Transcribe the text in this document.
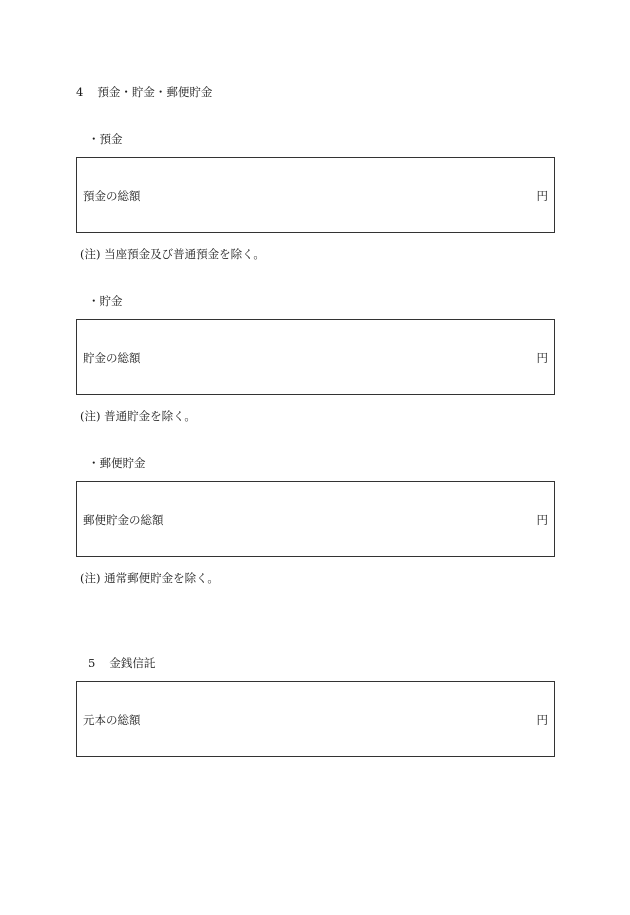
4 預金・貯金・郵便貯金
・預金
預金の総額	円
(注) 当座預金及び普通預金を除く。
・貯金
貯金の総額	円
(注) 普通貯金を除く。
・郵便貯金
郵便貯金の総額	円
(注) 通常郵便貯金を除く。
5 金銭信託
元本の総額	円
